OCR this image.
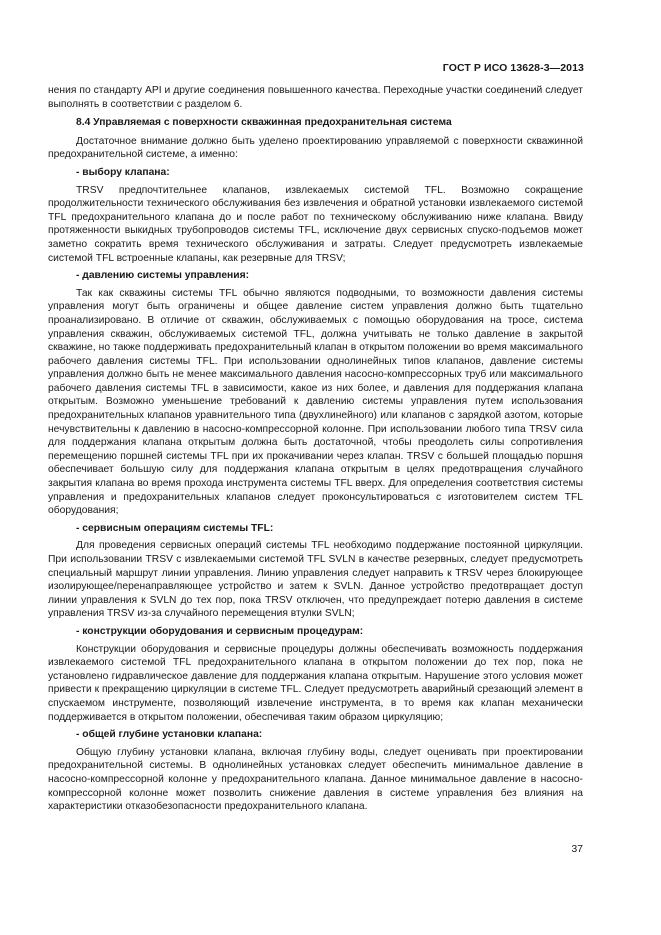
ГОСТ Р ИСО 13628-3—2013

нения по стандарту API и другие соединения повышенного качества. Переходные участки соединений следует выполнять в соответствии с разделом 6.

8.4 Управляемая с поверхности скважинная предохранительная система

Достаточное внимание должно быть уделено проектированию управляемой с поверхности скважинной предохранительной системе, а именно:

- выбору клапана:

TRSV предпочтительнее клапанов, извлекаемых системой TFL. Возможно сокращение продолжительности технического обслуживания без извлечения и обратной установки извлекаемого системой TFL предохранительного клапана до и после работ по техническому обслуживанию ниже клапана. Ввиду протяженности выкидных трубопроводов системы TFL, исключение двух сервисных спуско-подъемов может заметно сократить время технического обслуживания и затраты. Следует предусмотреть извлекаемые системой TFL встроенные клапаны, как резервные для TRSV;

- давлению системы управления:

Так как скважины системы TFL обычно являются подводными, то возможности давления системы управления могут быть ограничены и общее давление систем управления должно быть тщательно проанализировано. В отличие от скважин, обслуживаемых с помощью оборудования на тросе, система управления скважин, обслуживаемых системой TFL, должна учитывать не только давление в закрытой скважине, но также поддерживать предохранительный клапан в открытом положении во время максимального рабочего давления системы TFL. При использовании однолинейных типов клапанов, давление системы управления должно быть не менее максимального давления насосно-компрессорных труб или максимального рабочего давления системы TFL в зависимости, какое из них более, и давления для поддержания клапана открытым. Возможно уменьшение требований к давлению системы управления путем использования предохранительных клапанов уравнительного типа (двухлинейного) или клапанов с зарядкой азотом, которые нечувствительны к давлению в насосно-компрессорной колонне. При использовании любого типа TRSV сила для поддержания клапана открытым должна быть достаточной, чтобы преодолеть силы сопротивления перемещению поршней системы TFL при их прокачивании через клапан. TRSV с большей площадью поршня обеспечивает большую силу для поддержания клапана открытым в целях предотвращения случайного закрытия клапана во время прохода инструмента системы TFL вверх. Для определения соответствия системы управления и предохранительных клапанов следует проконсультироваться с изготовителем систем TFL оборудования;

- сервисным операциям системы TFL:

Для проведения сервисных операций системы TFL необходимо поддержание постоянной циркуляции. При использовании TRSV с извлекаемыми системой TFL SVLN в качестве резервных, следует предусмотреть специальный маршрут линии управления. Линию управления следует направить к TRSV через блокирующее изолирующее/перенаправляющее устройство и затем к SVLN. Данное устройство предотвращает доступ линии управления к SVLN до тех пор, пока TRSV отключен, что предупреждает потерю давления в системе управления TRSV из-за случайного перемещения втулки SVLN;

- конструкции оборудования и сервисным процедурам:

Конструкции оборудования и сервисные процедуры должны обеспечивать возможность поддержания извлекаемого системой TFL предохранительного клапана в открытом положении до тех пор, пока не установлено гидравлическое давление для поддержания клапана открытым. Нарушение этого условия может привести к прекращению циркуляции в системе TFL. Следует предусмотреть аварийный срезающий элемент в спускаемом инструменте, позволяющий извлечение инструмента, в то время как клапан механически поддерживается в открытом положении, обеспечивая таким образом циркуляцию;

- общей глубине установки клапана:

Общую глубину установки клапана, включая глубину воды, следует оценивать при проектировании предохранительной системы. В однолинейных установках следует обеспечить минимальное давление в насосно-компрессорной колонне у предохранительного клапана. Данное минимальное давление в насосно-компрессорной колонне может позволить снижение давления в системе управления без влияния на характеристики отказобезопасности предохранительного клапана.

37
